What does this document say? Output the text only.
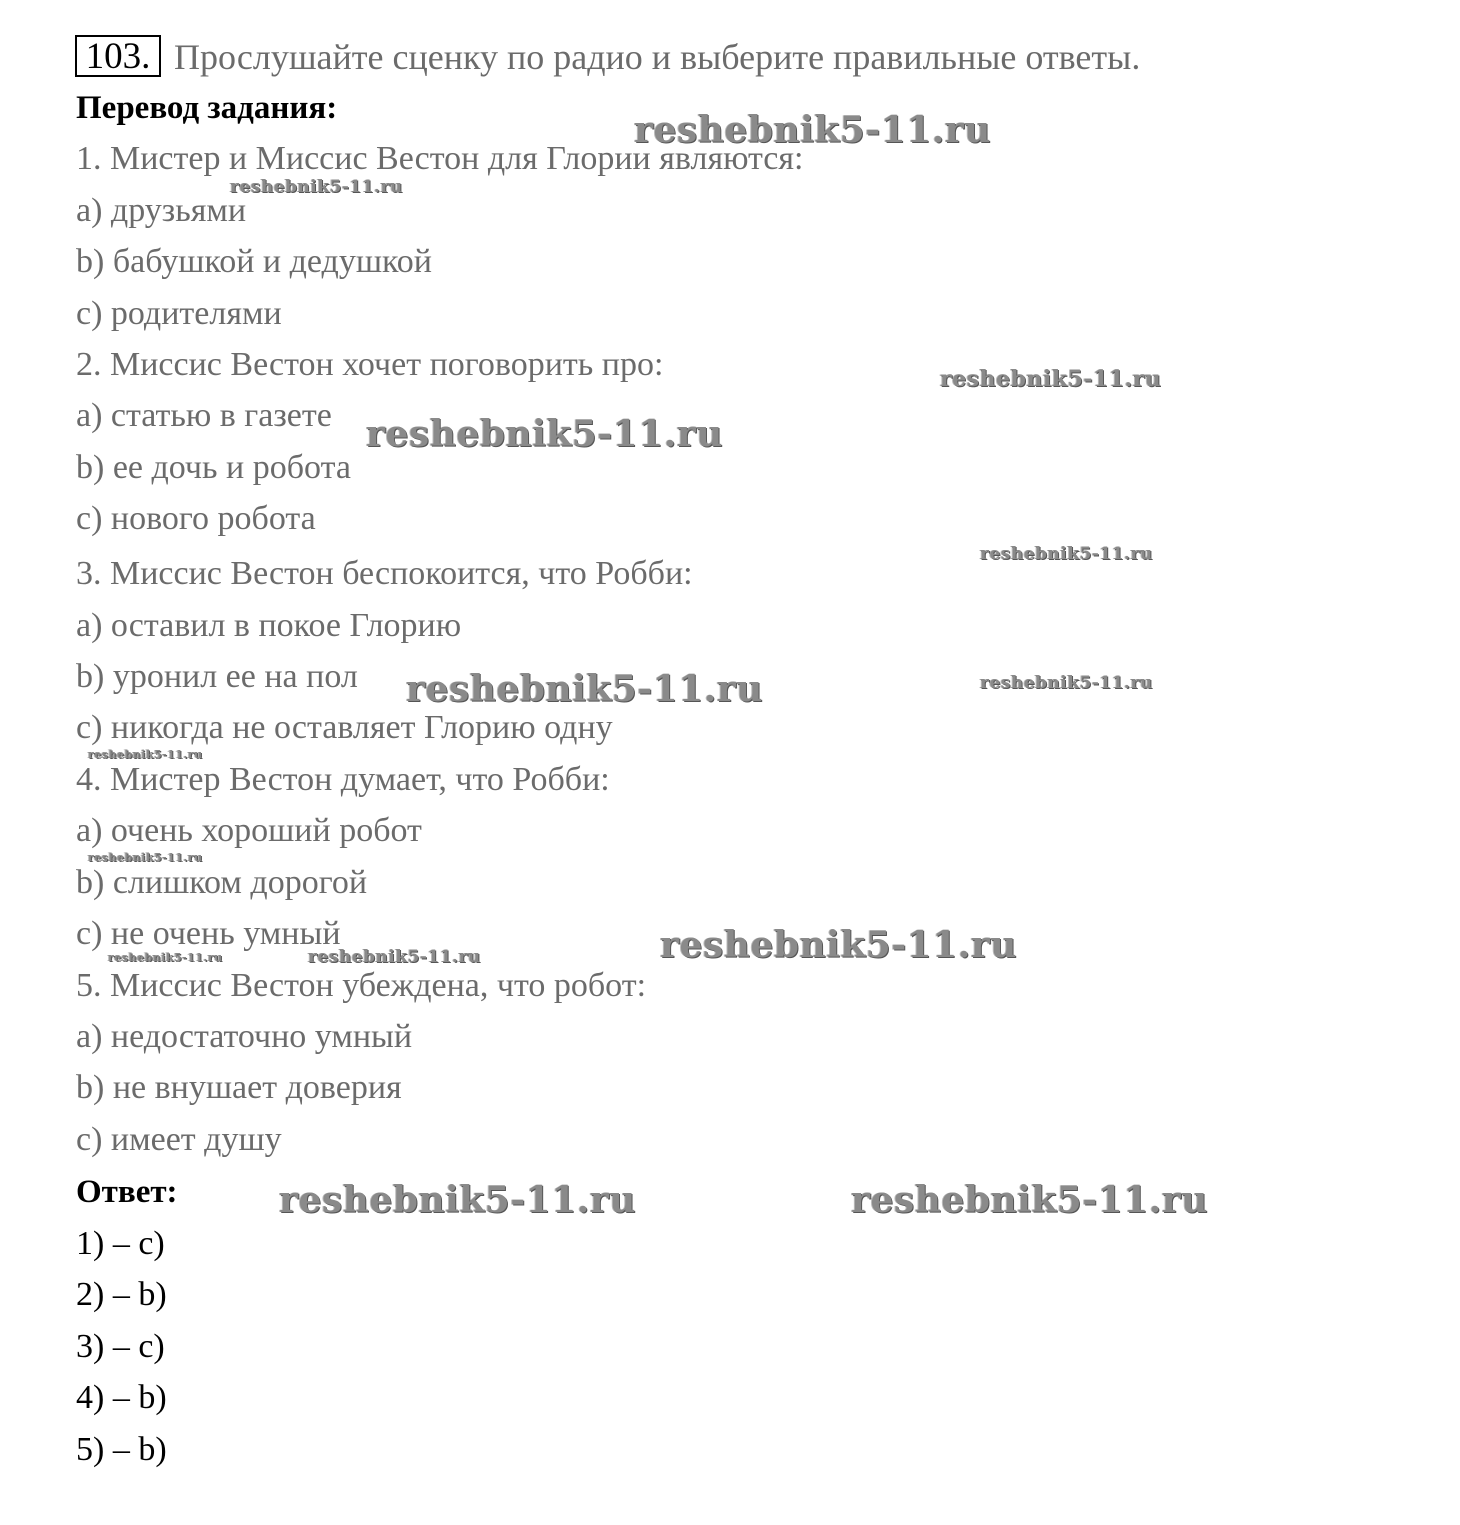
103. Прослушайте сценку по радио и выберите правильные ответы.
Перевод задания:
1. Мистер и Миссис Вестон для Глории являются:
a) друзьями
b) бабушкой и дедушкой
c) родителями
2. Миссис Вестон хочет поговорить про:
a) статью в газете
b) ее дочь и робота
c) нового робота
3. Миссис Вестон беспокоится, что Робби:
a) оставил в покое Глорию
b) уронил ее на пол
c) никогда не оставляет Глорию одну
4. Мистер Вестон думает, что Робби:
a) очень хороший робот
b) слишком дорогой
c) не очень умный
5. Миссис Вестон убеждена, что робот:
a) недостаточно умный
b) не внушает доверия
c) имеет душу
Ответ:
1) – c)
2) – b)
3) – c)
4) – b)
5) – b)
reshebnik5-11.ru
reshebnik5-11.ru
reshebnik5-11.ru
reshebnik5-11.ru
reshebnik5-11.ru
reshebnik5-11.ru	reshebnik5-11.ru
reshebnik5-11.ru
reshebnik5-11.ru
reshebnik5-11.ru
reshebnik5-11.ru	reshebnik5-11.ru
reshebnik5-11.ru	reshebnik5-11.ru
